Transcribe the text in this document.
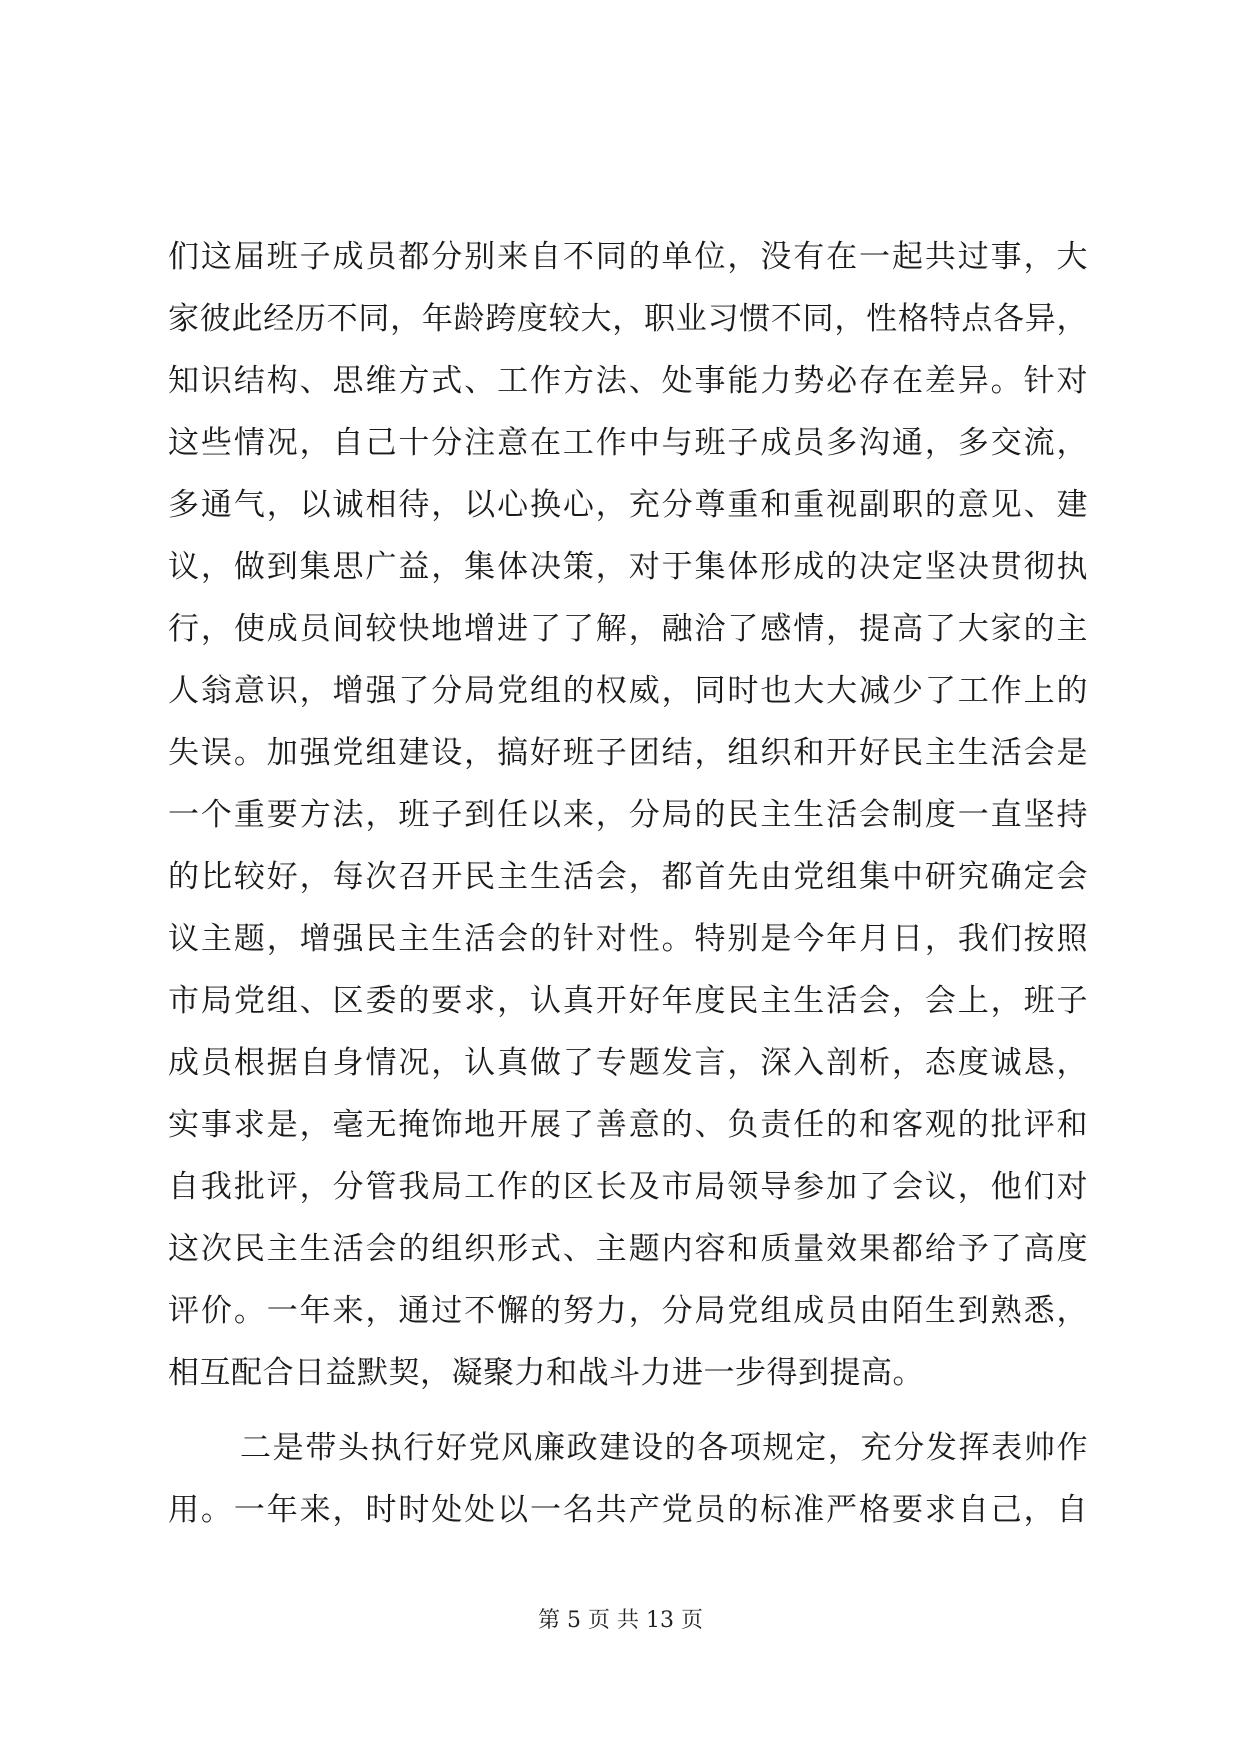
们这届班子成员都分别来自不同的单位，没有在一起共过事，大
家彼此经历不同，年龄跨度较大，职业习惯不同，性格特点各异，
知识结构、思维方式、工作方法、处事能力势必存在差异。针对
这些情况，自己十分注意在工作中与班子成员多沟通，多交流，
多通气，以诚相待，以心换心，充分尊重和重视副职的意见、建
议，做到集思广益，集体决策，对于集体形成的决定坚决贯彻执
行，使成员间较快地增进了了解，融洽了感情，提高了大家的主
人翁意识，增强了分局党组的权威，同时也大大减少了工作上的
失误。加强党组建设，搞好班子团结，组织和开好民主生活会是
一个重要方法，班子到任以来，分局的民主生活会制度一直坚持
的比较好，每次召开民主生活会，都首先由党组集中研究确定会
议主题，增强民主生活会的针对性。特别是今年月日，我们按照
市局党组、区委的要求，认真开好年度民主生活会，会上，班子
成员根据自身情况，认真做了专题发言，深入剖析，态度诚恳，
实事求是，毫无掩饰地开展了善意的、负责任的和客观的批评和
自我批评，分管我局工作的区长及市局领导参加了会议，他们对
这次民主生活会的组织形式、主题内容和质量效果都给予了高度
评价。一年来，通过不懈的努力，分局党组成员由陌生到熟悉，
相互配合日益默契，凝聚力和战斗力进一步得到提高。
二是带头执行好党风廉政建设的各项规定，充分发挥表帅作
用。一年来，时时处处以一名共产党员的标准严格要求自己，自
第 5 页 共 13 页
